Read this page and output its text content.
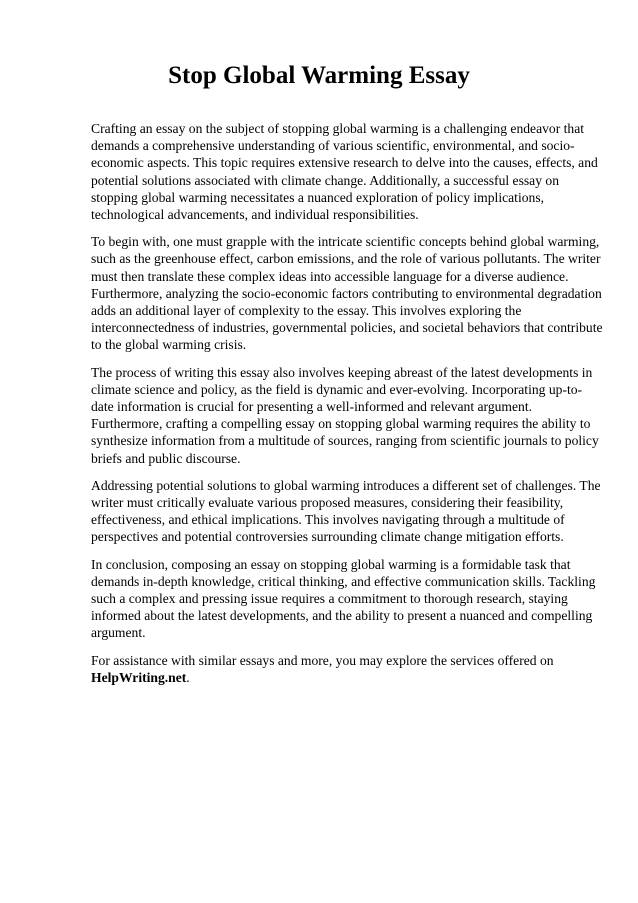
Stop Global Warming Essay

Crafting an essay on the subject of stopping global warming is a challenging endeavor that demands a comprehensive understanding of various scientific, environmental, and socio-economic aspects. This topic requires extensive research to delve into the causes, effects, and potential solutions associated with climate change. Additionally, a successful essay on stopping global warming necessitates a nuanced exploration of policy implications, technological advancements, and individual responsibilities.

To begin with, one must grapple with the intricate scientific concepts behind global warming, such as the greenhouse effect, carbon emissions, and the role of various pollutants. The writer must then translate these complex ideas into accessible language for a diverse audience. Furthermore, analyzing the socio-economic factors contributing to environmental degradation adds an additional layer of complexity to the essay. This involves exploring the interconnectedness of industries, governmental policies, and societal behaviors that contribute to the global warming crisis.

The process of writing this essay also involves keeping abreast of the latest developments in climate science and policy, as the field is dynamic and ever-evolving. Incorporating up-to-date information is crucial for presenting a well-informed and relevant argument. Furthermore, crafting a compelling essay on stopping global warming requires the ability to synthesize information from a multitude of sources, ranging from scientific journals to policy briefs and public discourse.

Addressing potential solutions to global warming introduces a different set of challenges. The writer must critically evaluate various proposed measures, considering their feasibility, effectiveness, and ethical implications. This involves navigating through a multitude of perspectives and potential controversies surrounding climate change mitigation efforts.

In conclusion, composing an essay on stopping global warming is a formidable task that demands in-depth knowledge, critical thinking, and effective communication skills. Tackling such a complex and pressing issue requires a commitment to thorough research, staying informed about the latest developments, and the ability to present a nuanced and compelling argument.

For assistance with similar essays and more, you may explore the services offered on
HelpWriting.net.
